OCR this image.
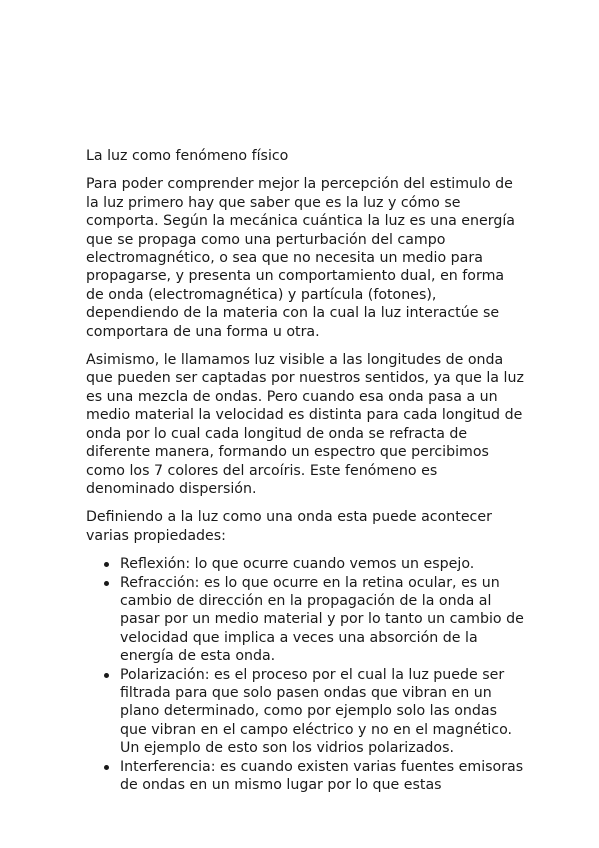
La luz como fenómeno físico

Para poder comprender mejor la percepción del estimulo de la luz primero hay que saber que es la luz y cómo se comporta. Según la mecánica cuántica la luz es una energía que se propaga como una perturbación del campo electromagnético, o sea que no necesita un medio para propagarse, y presenta un comportamiento dual, en forma de onda (electromagnética) y partícula (fotones), dependiendo de la materia con la cual la luz interactúe se comportara de una forma u otra.

Asimismo, le llamamos luz visible a las longitudes de onda que pueden ser captadas por nuestros sentidos, ya que la luz es una mezcla de ondas. Pero cuando esa onda pasa a un medio material la velocidad es distinta para cada longitud de onda por lo cual cada longitud de onda se refracta de diferente manera, formando un espectro que percibimos como los 7 colores del arcoíris. Este fenómeno es denominado dispersión.

Definiendo a la luz como una onda esta puede acontecer varias propiedades:

Reflexión: lo que ocurre cuando vemos un espejo.
Refracción: es lo que ocurre en la retina ocular, es un cambio de dirección en la propagación de la onda al pasar por un medio material y por lo tanto un cambio de velocidad que implica a veces una absorción de la energía de esta onda.
Polarización: es el proceso por el cual la luz puede ser filtrada para que solo pasen ondas que vibran en un plano determinado, como por ejemplo solo las ondas que vibran en el campo eléctrico y no en el magnético. Un ejemplo de esto son los vidrios polarizados.
Interferencia: es cuando existen varias fuentes emisoras de ondas en un mismo lugar por lo que estas
